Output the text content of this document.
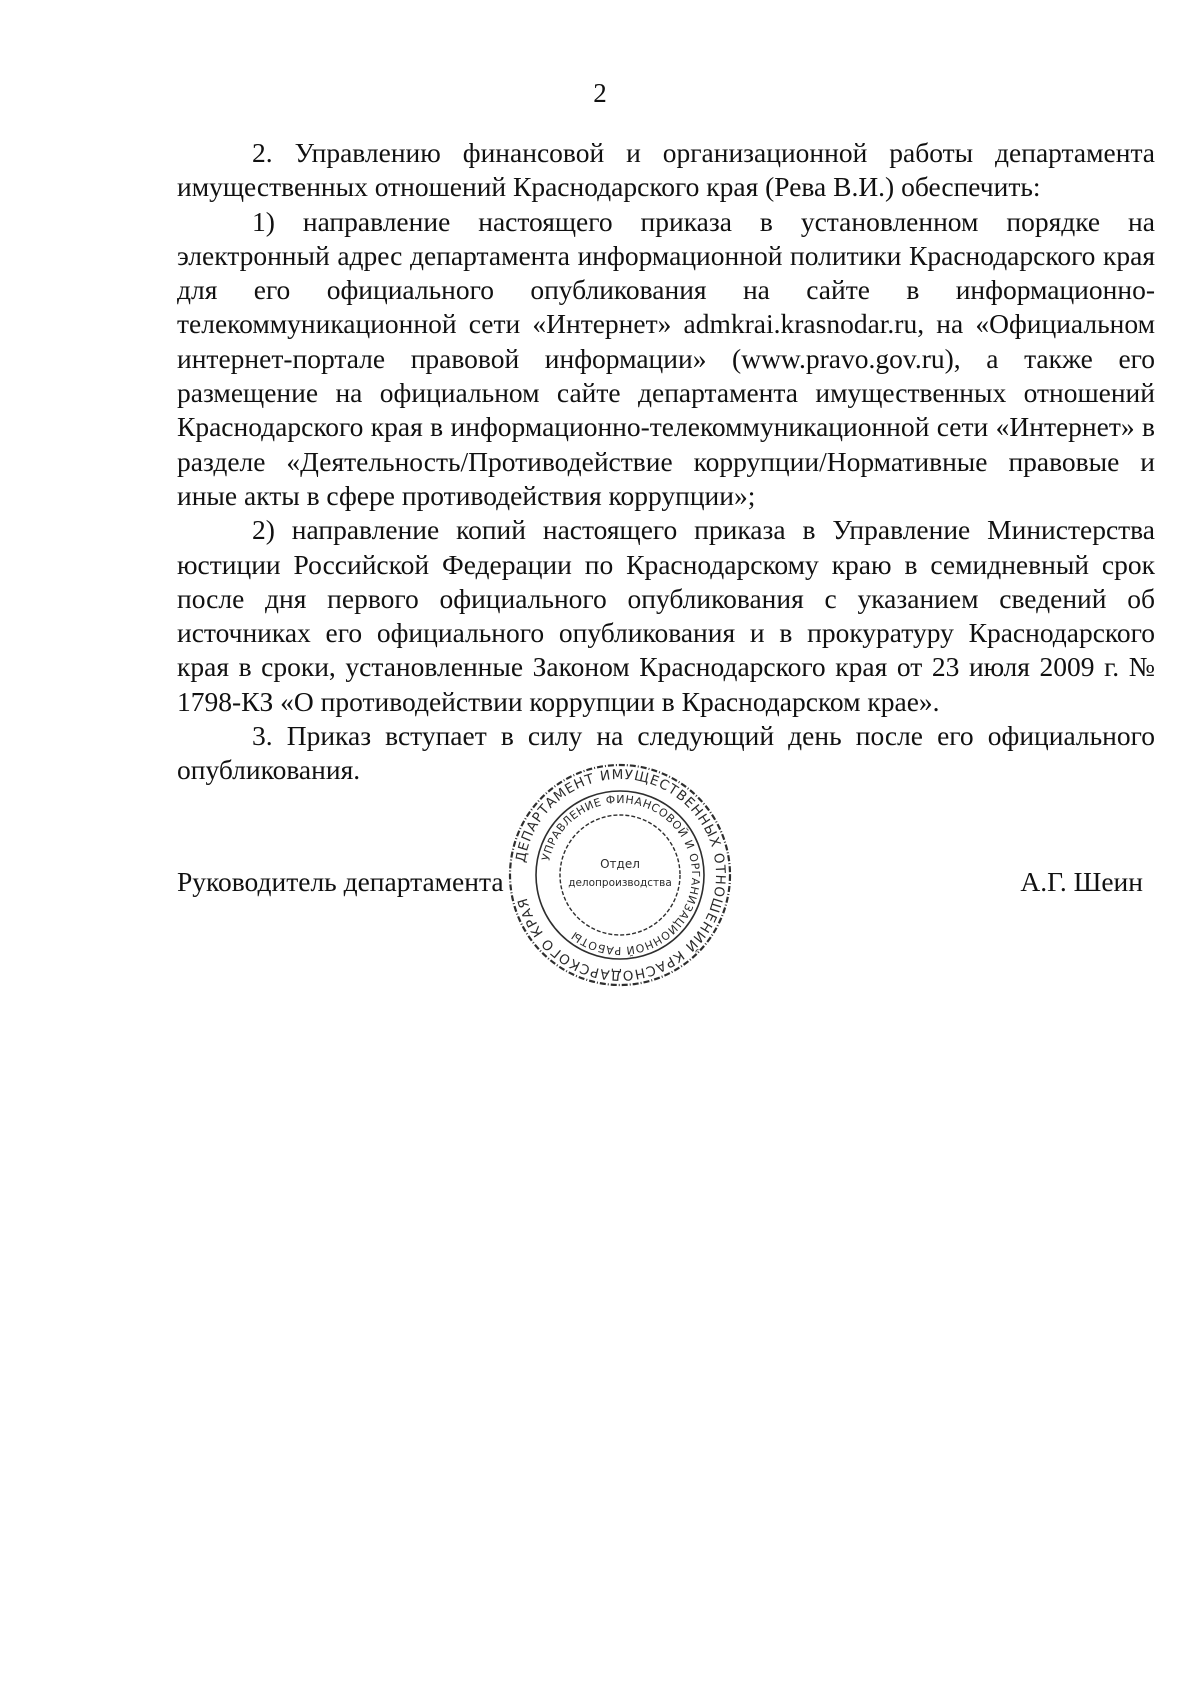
2

2. Управлению финансовой и организационной работы департамента имущественных отношений Краснодарского края (Рева В.И.) обеспечить:

1) направление настоящего приказа в установленном порядке на электронный адрес департамента информационной политики Краснодарского края для его официального опубликования на сайте в информационно-телекоммуникационной сети «Интернет» admkrai.krasnodar.ru, на «Официальном интернет-портале правовой информации» (www.pravo.gov.ru), а также его размещение на официальном сайте департамента имущественных отношений Краснодарского края в информационно-телекоммуникационной сети «Интернет» в разделе «Деятельность/Противодействие коррупции/Нормативные правовые и иные акты в сфере противодействия коррупции»;

2) направление копий настоящего приказа в Управление Министерства юстиции Российской Федерации по Краснодарскому краю в семидневный срок после дня первого официального опубликования с указанием сведений об источниках его официального опубликования и в прокуратуру Краснодарского края в сроки, установленные Законом Краснодарского края от 23 июля 2009 г. № 1798-КЗ «О противодействии коррупции в Краснодарском крае».

3. Приказ вступает в силу на следующий день после его официального опубликования.

Руководитель департамента	А.Г. Шеин
ДЕПАРТАМЕНТ ИМУЩЕСТВЕННЫХ ОТНОШЕНИЙ КРАСНОДАРСКОГО КРАЯ
УПРАВЛЕНИЕ ФИНАНСОВОЙ И ОРГАНИЗАЦИОННОЙ РАБОТЫ
Отдел
делопроизводства
